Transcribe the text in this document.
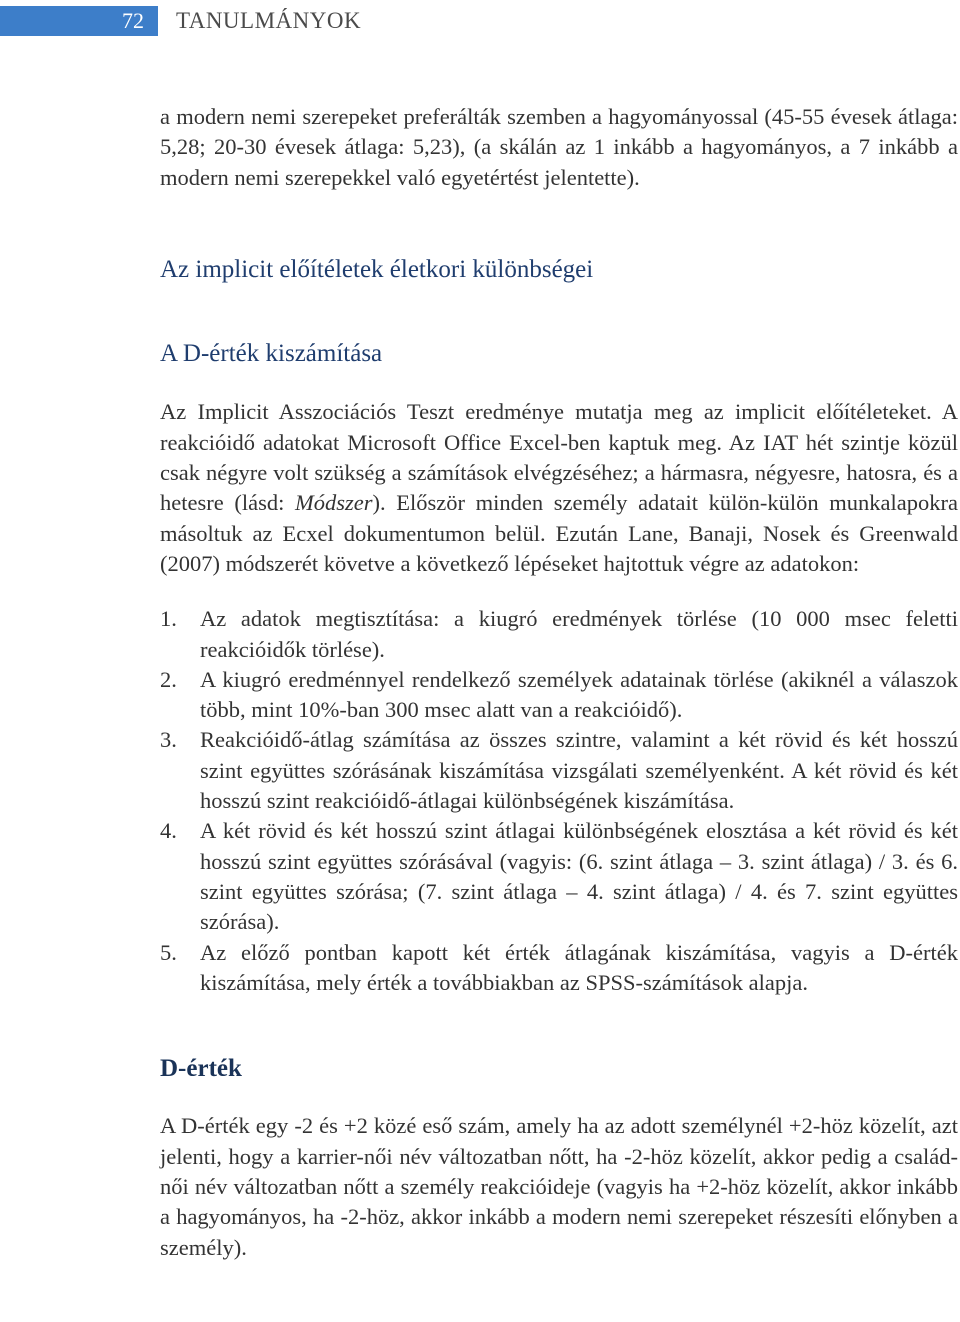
72	TANULMÁNYOK

a modern nemi szerepeket preferálták szemben a hagyományossal (45-55 évesek átlaga: 5,28; 20-30 évesek átlaga: 5,23), (a skálán az 1 inkább a hagyományos, a 7 inkább a modern nemi szerepekkel való egyetértést jelentette).

Az implicit előítéletek életkori különbségei
A D-érték kiszámítása

Az Implicit Asszociációs Teszt eredménye mutatja meg az implicit előítéleteket. A reakcióidő adatokat Microsoft Office Excel-ben kaptuk meg. Az IAT hét szintje közül csak négyre volt szükség a számítások elvégzéséhez; a hármasra, négyesre, hatosra, és a hetesre (lásd: Módszer). Először minden személy adatait külön-külön munkalapokra másoltuk az Ecxel dokumentumon belül. Ezután Lane, Banaji, Nosek és Greenwald (2007) módszerét követve a következő lépéseket hajtottuk végre az adatokon:

1.	Az adatok megtisztítása: a kiugró eredmények törlése (10 000 msec feletti reakcióidők törlése).
2.	A kiugró eredménnyel rendelkező személyek adatainak törlése (akiknél a válaszok több, mint 10%-ban 300 msec alatt van a reakcióidő).
3.	Reakcióidő-átlag számítása az összes szintre, valamint a két rövid és két hosszú szint együttes szórásának kiszámítása vizsgálati személyenként. A két rövid és két hosszú szint reakcióidő-átlagai különbségének kiszámítása.
4.	A két rövid és két hosszú szint átlagai különbségének elosztása a két rövid és két hosszú szint együttes szórásával (vagyis: (6. szint átlaga – 3. szint átlaga) / 3. és 6. szint együttes szórása; (7. szint átlaga – 4. szint átlaga) / 4. és 7. szint együttes szórása).
5.	Az előző pontban kapott két érték átlagának kiszámítása, vagyis a D-érték kiszámítása, mely érték a továbbiakban az SPSS-számítások alapja.
D-érték

A D-érték egy -2 és +2 közé eső szám, amely ha az adott személynél +2-höz közelít, azt jelenti, hogy a karrier-női név változatban nőtt, ha -2-höz közelít, akkor pedig a család-női név változatban nőtt a személy reakcióideje (vagyis ha +2-höz közelít, akkor inkább a hagyományos, ha -2-höz, akkor inkább a modern nemi szerepeket részesíti előnyben a személy).
